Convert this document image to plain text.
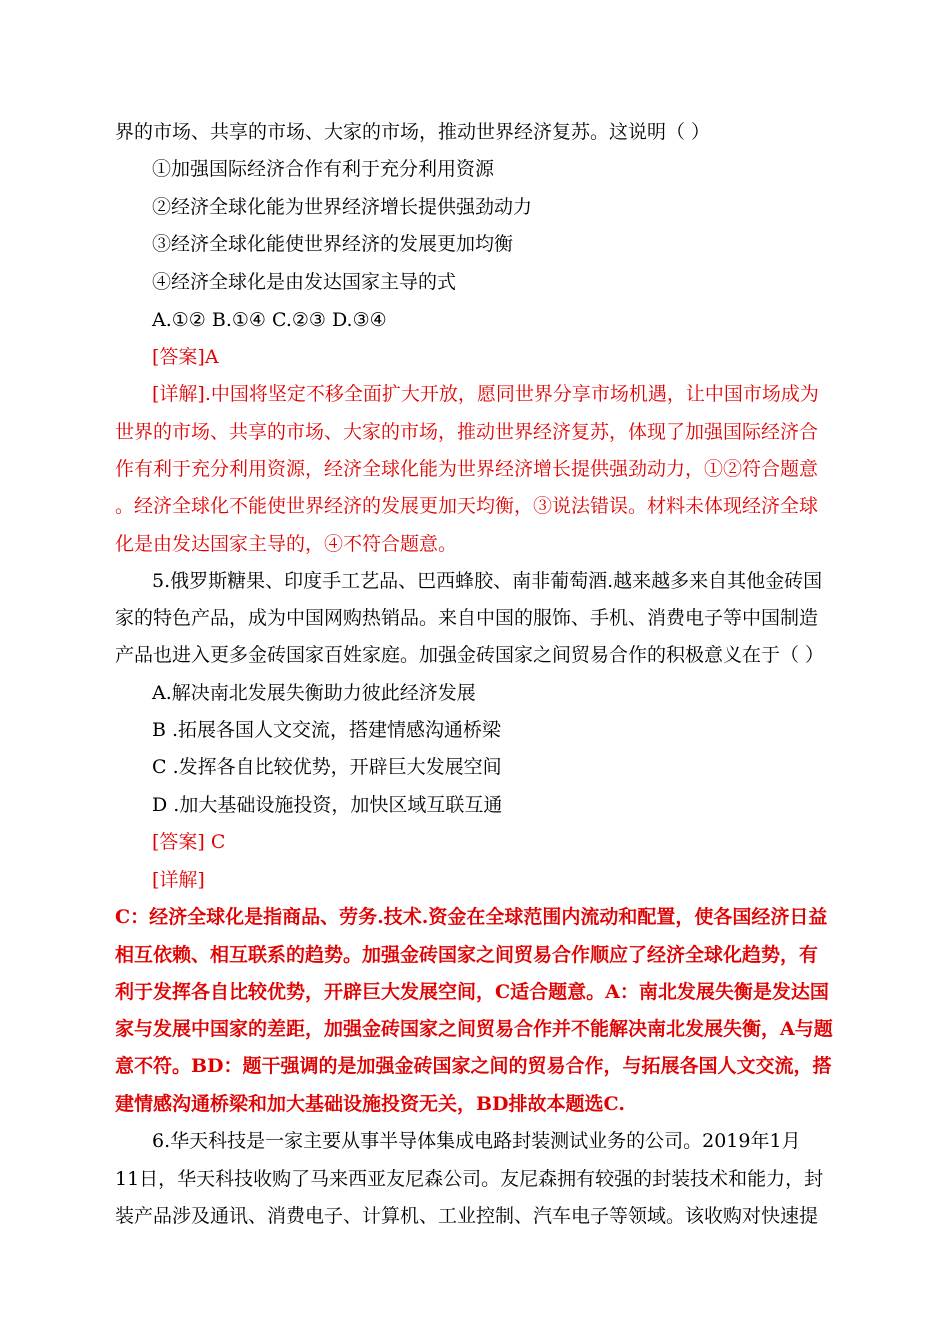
界的市场、共享的市场、大家的市场，推动世界经济复苏。这说明（ ）
①加强国际经济合作有利于充分利用资源
②经济全球化能为世界经济增长提供强劲动力
③经济全球化能使世界经济的发展更加均衡
④经济全球化是由发达国家主导的式
A.①② B.①④ C.②③ D.③④
[答案]A
[详解].中国将坚定不移全面扩大开放，愿同世界分享市场机遇，让中国市场成为
世界的市场、共享的市场、大家的市场，推动世界经济复苏，体现了加强国际经济合
作有利于充分利用资源，经济全球化能为世界经济增长提供强劲动力，①②符合题意
。经济全球化不能使世界经济的发展更加天均衡，③说法错误。材料未体现经济全球
化是由发达国家主导的，④不符合题意。
5.俄罗斯糖果、印度手工艺品、巴西蜂胶、南非葡萄酒.越来越多来自其他金砖国
家的特色产品，成为中国网购热销品。来自中国的服饰、手机、消费电子等中国制造
产品也进入更多金砖国家百姓家庭。加强金砖国家之间贸易合作的积极意义在于（ ）
A.解决南北发展失衡助力彼此经济发展
B .拓展各国人文交流，搭建情感沟通桥梁
C .发挥各自比较优势，开辟巨大发展空间
D .加大基础设施投资，加快区域互联互通
[答案] C
[详解]
C：经济全球化是指商品、劳务.技术.资金在全球范围内流动和配置，使各国经济日益
相互依赖、相互联系的趋势。加强金砖国家之间贸易合作顺应了经济全球化趋势，有
利于发挥各自比较优势，开辟巨大发展空间，C适合题意。A：南北发展失衡是发达国
家与发展中国家的差距，加强金砖国家之间贸易合作并不能解决南北发展失衡，A与题
意不符。BD：题干强调的是加强金砖国家之间的贸易合作，与拓展各国人文交流，搭
建情感沟通桥梁和加大基础设施投资无关，BD排故本题选C.
6.华天科技是一家主要从事半导体集成电路封装测试业务的公司。2019年1月
11日，华天科技收购了马来西亚友尼森公司。友尼森拥有较强的封装技术和能力，封
装产品涉及通讯、消费电子、计算机、工业控制、汽车电子等领域。该收购对快速提
